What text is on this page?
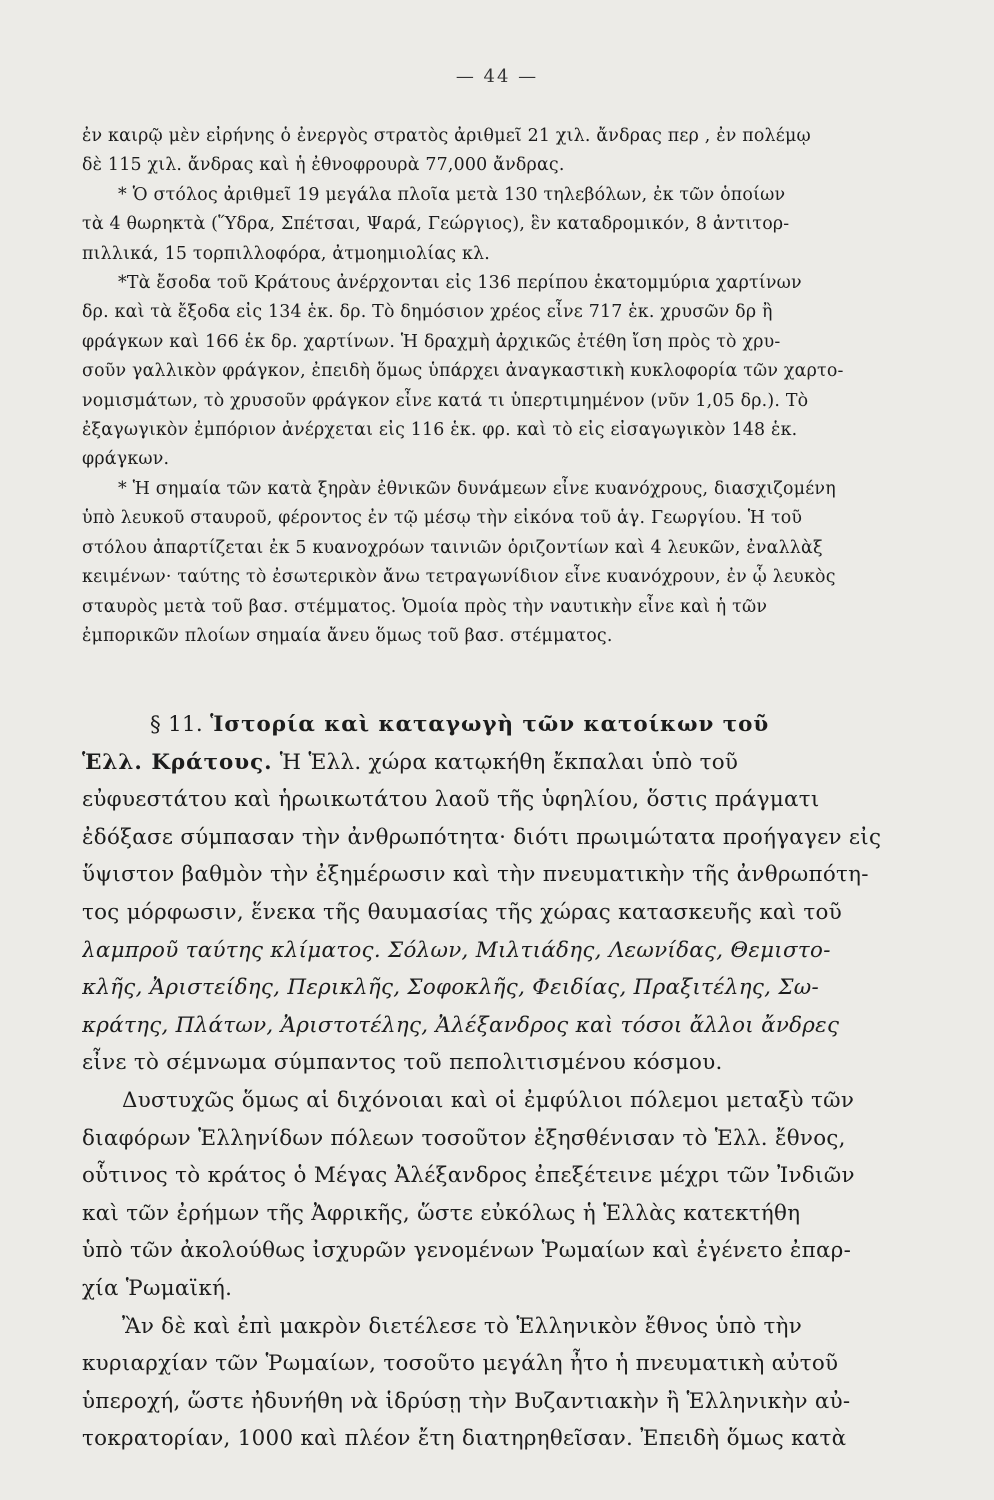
— 44 —
ἐν καιρῷ μὲν εἰρήνης ὁ ἐνεργὸς στρατὸς ἀριθμεῖ 21 χιλ. ἄνδρας περ , ἐν πολέμῳ
δὲ 115 χιλ. ἄνδρας καὶ ἡ ἐθνοφρουρὰ 77,000 ἄνδρας.
* Ὁ στόλος ἀριθμεῖ 19 μεγάλα πλοῖα μετὰ 130 τηλεβόλων, ἐκ τῶν ὁποίων
τὰ 4 θωρηκτὰ (Ὕδρα, Σπέτσαι, Ψαρά, Γεώργιος), ἓν καταδρομικόν, 8 ἀντιτορ-
πιλλικά, 15 τορπιλλοφόρα, ἀτμοημιολίας κλ.
*Τὰ ἔσοδα τοῦ Κράτους ἀνέρχονται εἰς 136 περίπου ἑκατομμύρια χαρτίνων
δρ. καὶ τὰ ἔξοδα εἰς 134 ἑκ. δρ. Τὸ δημόσιον χρέος εἶνε 717 ἑκ. χρυσῶν δρ ἢ
φράγκων καὶ 166 ἑκ δρ. χαρτίνων. Ἡ δραχμὴ ἀρχικῶς ἐτέθη ἴση πρὸς τὸ χρυ-
σοῦν γαλλικὸν φράγκον, ἐπειδὴ ὅμως ὑπάρχει ἀναγκαστικὴ κυκλοφορία τῶν χαρτο-
νομισμάτων, τὸ χρυσοῦν φράγκον εἶνε κατά τι ὑπερτιμημένον (νῦν 1,05 δρ.). Τὸ
ἐξαγωγικὸν ἐμπόριον ἀνέρχεται εἰς 116 ἑκ. φρ. καὶ τὸ εἰς εἰσαγωγικὸν 148 ἑκ.
φράγκων.
* Ἡ σημαία τῶν κατὰ ξηρὰν ἐθνικῶν δυνάμεων εἶνε κυανόχρους, διασχιζομένη
ὑπὸ λευκοῦ σταυροῦ, φέροντος ἐν τῷ μέσῳ τὴν εἰκόνα τοῦ ἁγ. Γεωργίου. Ἡ τοῦ
στόλου ἀπαρτίζεται ἐκ 5 κυανοχρόων ταινιῶν ὁριζοντίων καὶ 4 λευκῶν, ἐναλλὰξ
κειμένων· ταύτης τὸ ἐσωτερικὸν ἄνω τετραγωνίδιον εἶνε κυανόχρουν, ἐν ᾧ λευκὸς
σταυρὸς μετὰ τοῦ βασ. στέμματος. Ὁμοία πρὸς τὴν ναυτικὴν εἶνε καὶ ἡ τῶν
ἐμπορικῶν πλοίων σημαία ἄνευ ὅμως τοῦ βασ. στέμματος.
§ 11. Ἱστορία καὶ καταγωγὴ τῶν κατοίκων τοῦ
Ἑλλ. Κράτους. Ἡ Ἑλλ. χώρα κατῳκήθη ἔκπαλαι ὑπὸ τοῦ
εὐφυεστάτου καὶ ἡρωικωτάτου λαοῦ τῆς ὑφηλίου, ὅστις πράγματι
ἐδόξασε σύμπασαν τὴν ἀνθρωπότητα· διότι πρωιμώτατα προήγαγεν εἰς
ὕψιστον βαθμὸν τὴν ἐξημέρωσιν καὶ τὴν πνευματικὴν τῆς ἀνθρωπότη-
τος μόρφωσιν, ἕνεκα τῆς θαυμασίας τῆς χώρας κατασκευῆς καὶ τοῦ
λαμπροῦ ταύτης κλίματος. Σόλων, Μιλτιάδης, Λεωνίδας, Θεμιστο-
κλῆς, Ἀριστείδης, Περικλῆς, Σοφοκλῆς, Φειδίας, Πραξιτέλης, Σω-
κράτης, Πλάτων, Ἀριστοτέλης, Ἀλέξανδρος καὶ τόσοι ἄλλοι ἄνδρες
εἶνε τὸ σέμνωμα σύμπαντος τοῦ πεπολιτισμένου κόσμου.
Δυστυχῶς ὅμως αἱ διχόνοιαι καὶ οἱ ἐμφύλιοι πόλεμοι μεταξὺ τῶν
διαφόρων Ἑλληνίδων πόλεων τοσοῦτον ἐξησθένισαν τὸ Ἑλλ. ἔθνος,
οὗτινος τὸ κράτος ὁ Μέγας Ἀλέξανδρος ἐπεξέτεινε μέχρι τῶν Ἰνδιῶν
καὶ τῶν ἐρήμων τῆς Ἀφρικῆς, ὥστε εὐκόλως ἡ Ἑλλὰς κατεκτήθη
ὑπὸ τῶν ἀκολούθως ἰσχυρῶν γενομένων Ῥωμαίων καὶ ἐγένετο ἐπαρ-
χία Ῥωμαϊκή.
Ἂν δὲ καὶ ἐπὶ μακρὸν διετέλεσε τὸ Ἑλληνικὸν ἔθνος ὑπὸ τὴν
κυριαρχίαν τῶν Ῥωμαίων, τοσοῦτο μεγάλη ἦτο ἡ πνευματικὴ αὐτοῦ
ὑπεροχή, ὥστε ἠδυνήθη νὰ ἱδρύσῃ τὴν Βυζαντιακὴν ἢ Ἑλληνικὴν αὐ-
τοκρατορίαν, 1000 καὶ πλέον ἔτη διατηρηθεῖσαν. Ἐπειδὴ ὅμως κατὰ
